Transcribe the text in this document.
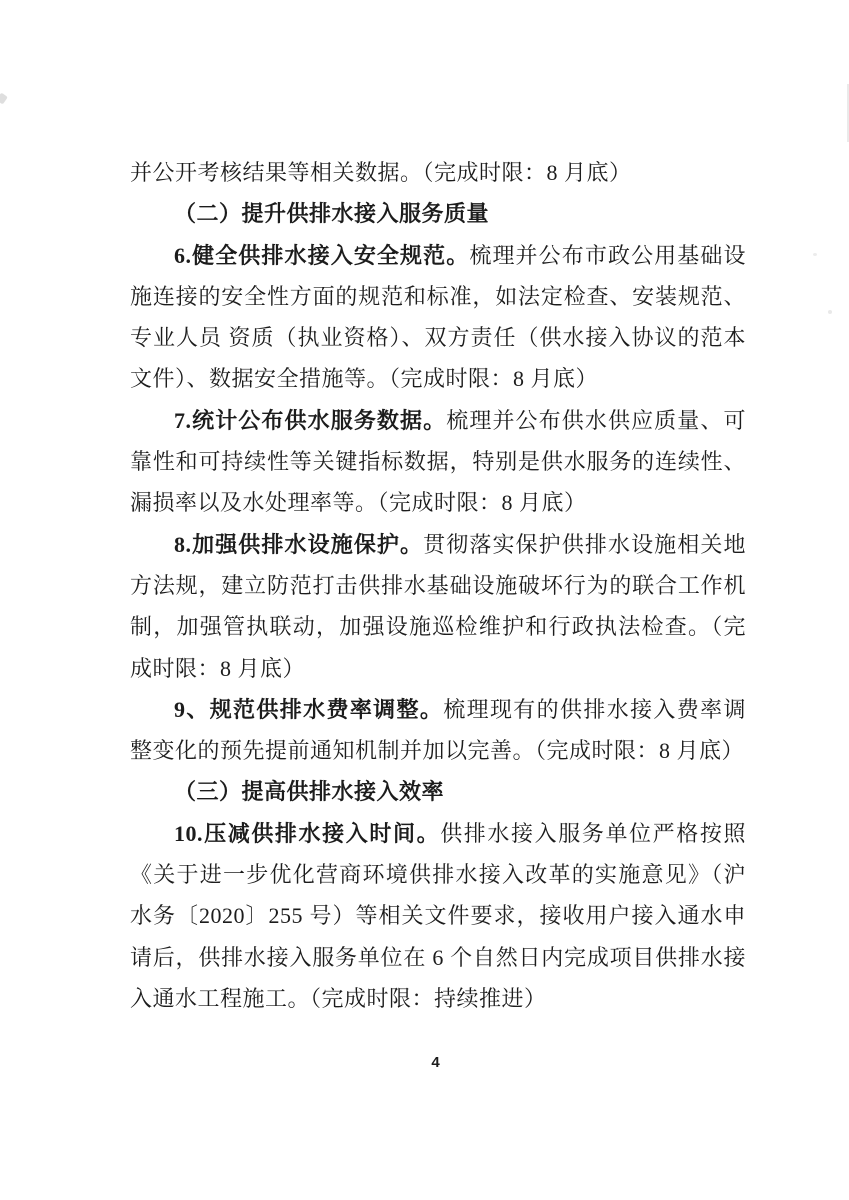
并公开考核结果等相关数据。（完成时限：8 月底）

（二）提升供排水接入服务质量

6.健全供排水接入安全规范。梳理并公布市政公用基础设施连接的安全性方面的规范和标准，如法定检查、安装规范、专业人员 资质（执业资格）、双方责任（供水接入协议的范本文件）、数据安全措施等。（完成时限：8 月底）

7.统计公布供水服务数据。梳理并公布供水供应质量、可靠性和可持续性等关键指标数据，特别是供水服务的连续性、漏损率以及水处理率等。（完成时限：8 月底）

8.加强供排水设施保护。贯彻落实保护供排水设施相关地方法规，建立防范打击供排水基础设施破坏行为的联合工作机制，加强管执联动，加强设施巡检维护和行政执法检查。（完成时限：8 月底）

9、规范供排水费率调整。梳理现有的供排水接入费率调整变化的预先提前通知机制并加以完善。（完成时限：8 月底）

（三）提高供排水接入效率

10.压减供排水接入时间。供排水接入服务单位严格按照《关于进一步优化营商环境供排水接入改革的实施意见》（沪水务〔2020〕255 号）等相关文件要求，接收用户接入通水申请后，供排水接入服务单位在 6 个自然日内完成项目供排水接入通水工程施工。（完成时限：持续推进）

4
